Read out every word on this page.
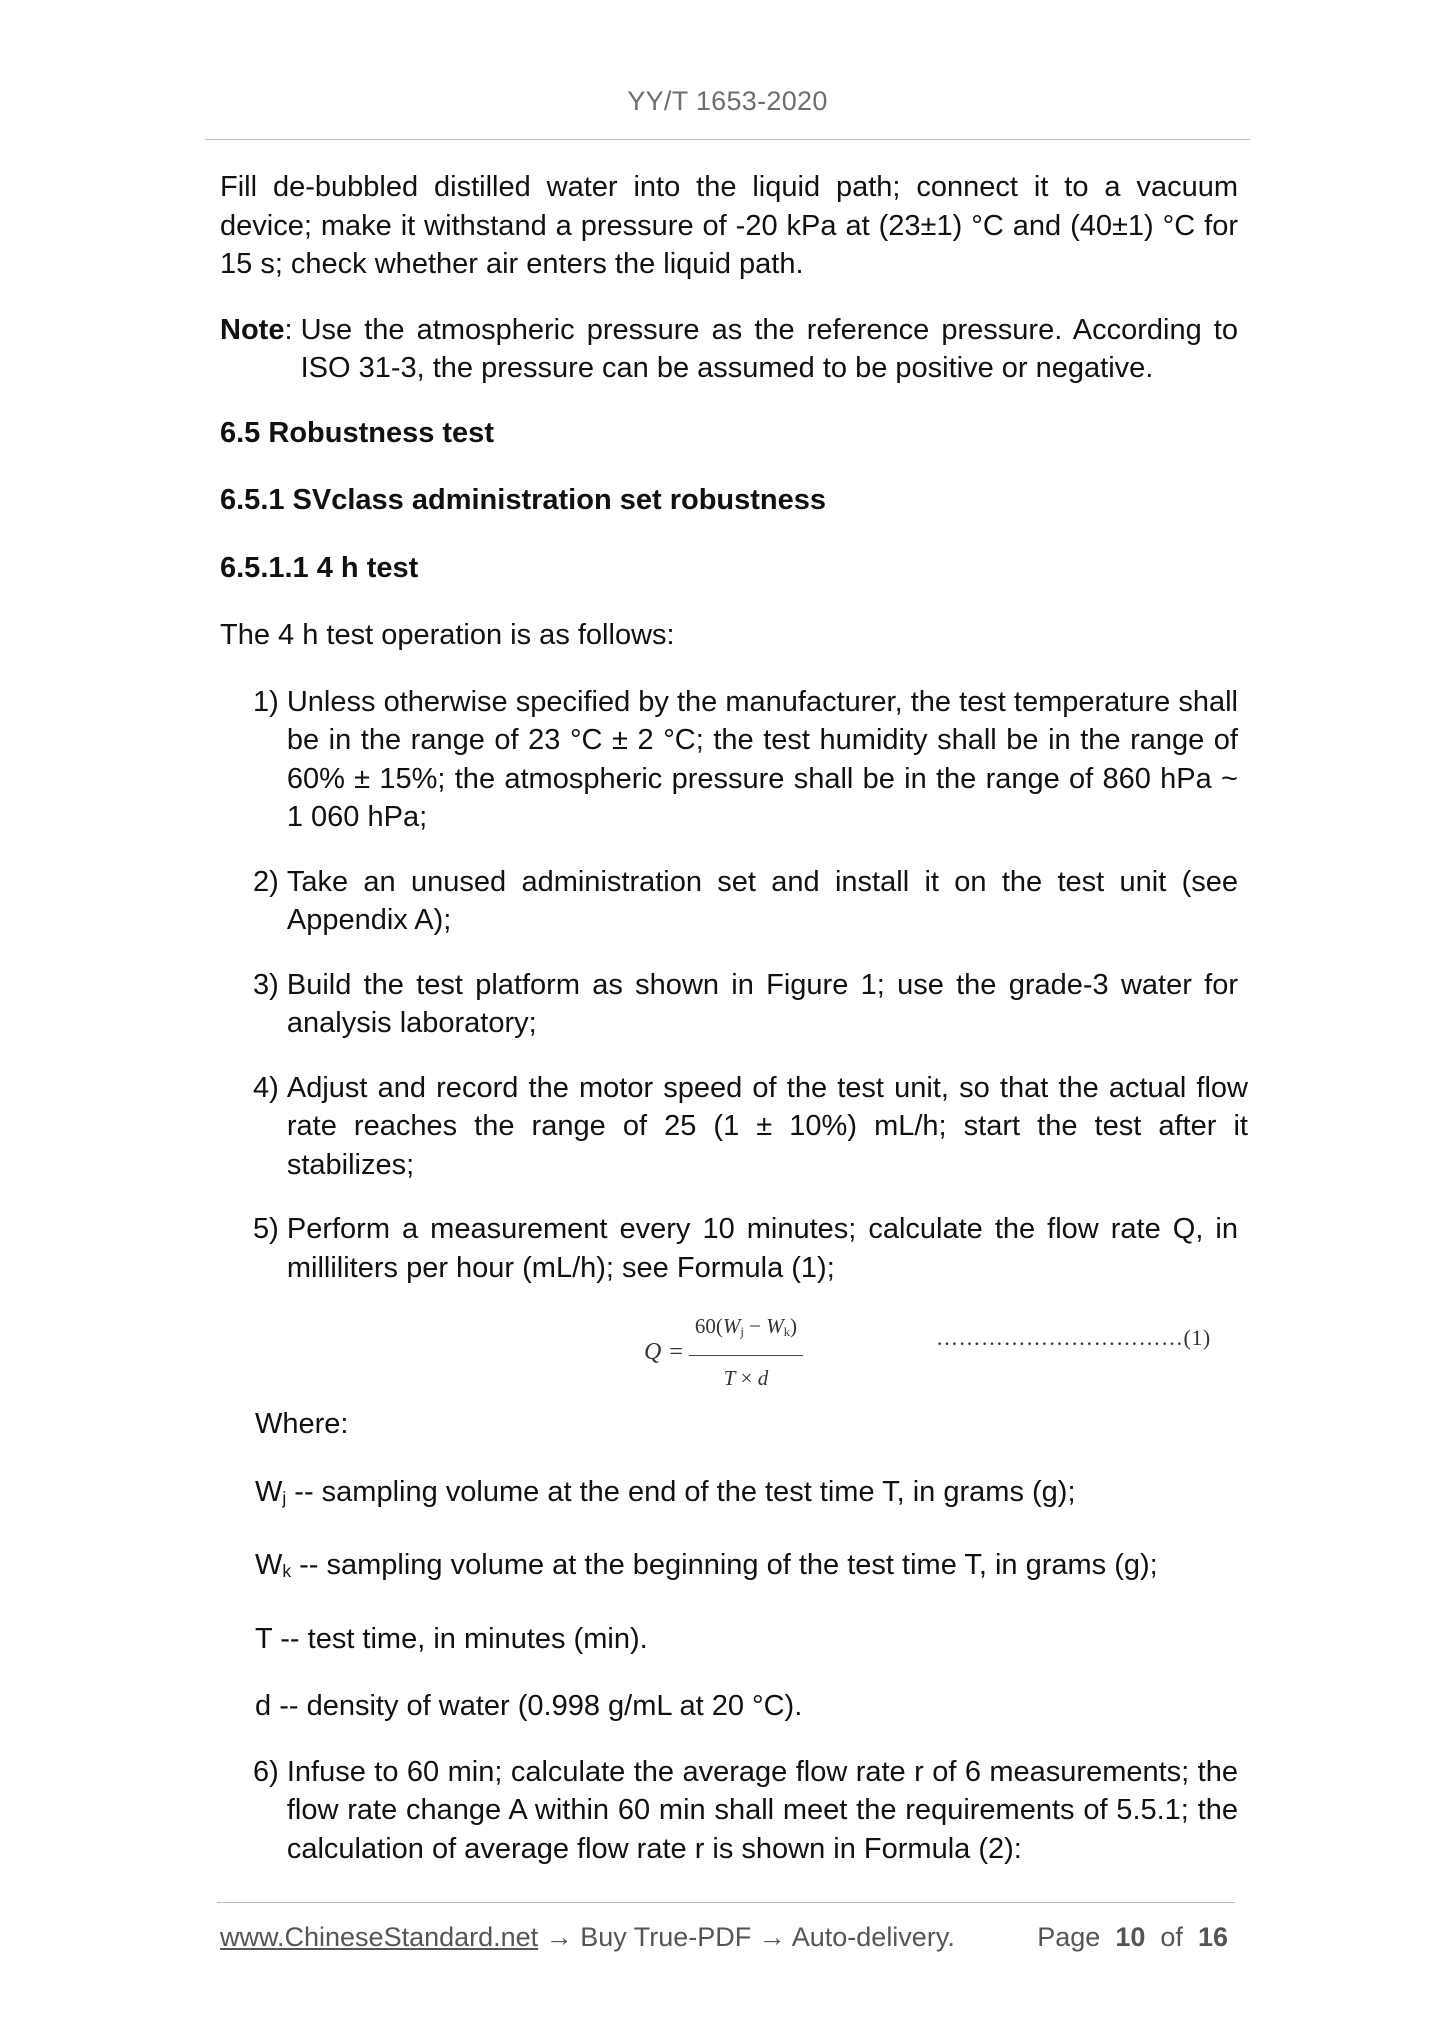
YY/T 1653-2020

Fill de-bubbled distilled water into the liquid path; connect it to a vacuum device; make it withstand a pressure of -20 kPa at (23±1) °C and (40±1) °C for 15 s; check whether air enters the liquid path.

Note : Use the atmospheric pressure as the reference pressure. According to ISO 31-3, the pressure can be assumed to be positive or negative.

6.5 Robustness test

6.5.1 SVclass administration set robustness

6.5.1.1 4 h test

The 4 h test operation is as follows:

1)
Unless otherwise specified by the manufacturer, the test temperature shall be in the range of 23 °C ± 2 °C; the test humidity shall be in the range of 60% ± 15%; the atmospheric pressure shall be in the range of 860 hPa ~ 1 060 hPa;
2)
Take an unused administration set and install it on the test unit (see Appendix A);
3)
Build the test platform as shown in Figure 1; use the grade-3 water for analysis laboratory;
4)
Adjust and record the motor speed of the test unit, so that the actual flow rate reaches the range of 25 (1 ± 10%) mL/h; start the test after it stabilizes;
5)
Perform a measurement every 10 minutes; calculate the flow rate Q, in milliliters per hour (mL/h); see Formula (1);
$Q = \frac{60(W_j - W_k)}{T \times d}$	……………………………(1)

Where:

$W_j$ -- sampling volume at the end of the test time T, in grams (g);

$W_k$ -- sampling volume at the beginning of the test time T, in grams (g);

T -- test time, in minutes (min).

d -- density of water (0.998 g/mL at 20 °C).

6)
Infuse to 60 min; calculate the average flow rate r of 6 measurements; the flow rate change A within 60 min shall meet the requirements of 5.5.1; the calculation of average flow rate r is shown in Formula (2):
www.ChineseStandard.net → Buy True-PDF → Auto-delivery.	Page 10 of 16
